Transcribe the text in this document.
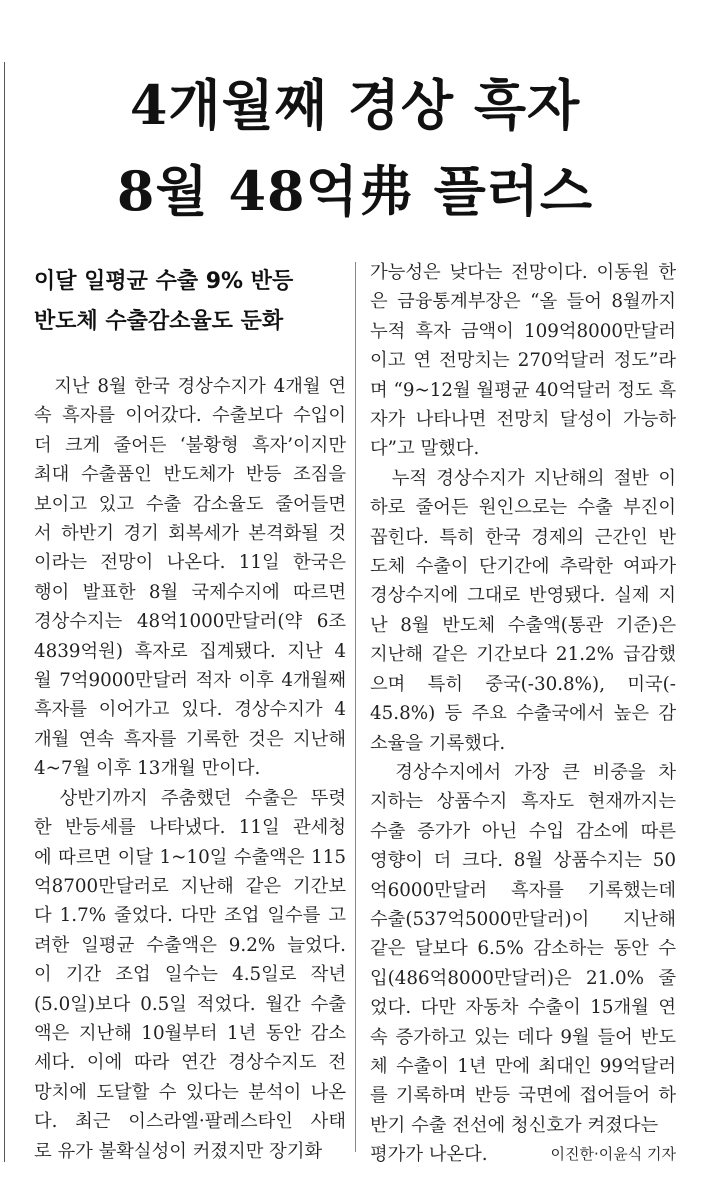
4개월째 경상 흑자
8월 48억弗 플러스
이달 일평균 수출 9% 반등
반도체 수출감소율도 둔화
　지난 8월 한국 경상수지가 4개월 연
속 흑자를 이어갔다. 수출보다 수입이
더 크게 줄어든 ‘불황형 흑자’이지만
최대 수출품인 반도체가 반등 조짐을
보이고 있고 수출 감소율도 줄어들면
서 하반기 경기 회복세가 본격화될 것
이라는 전망이 나온다. 11일 한국은
행이 발표한 8월 국제수지에 따르면
경상수지는 48억1000만달러(약 6조
4839억원) 흑자로 집계됐다. 지난 4
월 7억9000만달러 적자 이후 4개월째
흑자를 이어가고 있다. 경상수지가 4
개월 연속 흑자를 기록한 것은 지난해
4~7월 이후 13개월 만이다.
　상반기까지 주춤했던 수출은 뚜렷
한 반등세를 나타냈다. 11일 관세청
에 따르면 이달 1~10일 수출액은 115
억8700만달러로 지난해 같은 기간보
다 1.7% 줄었다. 다만 조업 일수를 고
려한 일평균 수출액은 9.2% 늘었다.
이 기간 조업 일수는 4.5일로 작년
(5.0일)보다 0.5일 적었다. 월간 수출
액은 지난해 10월부터 1년 동안 감소
세다. 이에 따라 연간 경상수지도 전
망치에 도달할 수 있다는 분석이 나온
다. 최근 이스라엘·팔레스타인 사태
로 유가 불확실성이 커졌지만 장기화
가능성은 낮다는 전망이다. 이동원 한
은 금융통계부장은 “올 들어 8월까지
누적 흑자 금액이 109억8000만달러
이고 연 전망치는 270억달러 정도”라
며 “9~12월 월평균 40억달러 정도 흑
자가 나타나면 전망치 달성이 가능하
다”고 말했다.
　누적 경상수지가 지난해의 절반 이
하로 줄어든 원인으로는 수출 부진이
꼽힌다. 특히 한국 경제의 근간인 반
도체 수출이 단기간에 추락한 여파가
경상수지에 그대로 반영됐다. 실제 지
난 8월 반도체 수출액(통관 기준)은
지난해 같은 기간보다 21.2% 급감했
으며 특히 중국(-30.8%), 미국(-
45.8%) 등 주요 수출국에서 높은 감
소율을 기록했다.
　경상수지에서 가장 큰 비중을 차
지하는 상품수지 흑자도 현재까지는
수출 증가가 아닌 수입 감소에 따른
영향이 더 크다. 8월 상품수지는 50
억6000만달러 흑자를 기록했는데
수출(537억5000만달러)이 지난해
같은 달보다 6.5% 감소하는 동안 수
입(486억8000만달러)은 21.0% 줄
었다. 다만 자동차 수출이 15개월 연
속 증가하고 있는 데다 9월 들어 반도
체 수출이 1년 만에 최대인 99억달러
를 기록하며 반등 국면에 접어들어 하
반기 수출 전선에 청신호가 켜졌다는
평가가 나온다.	이진한·이윤식 기자
